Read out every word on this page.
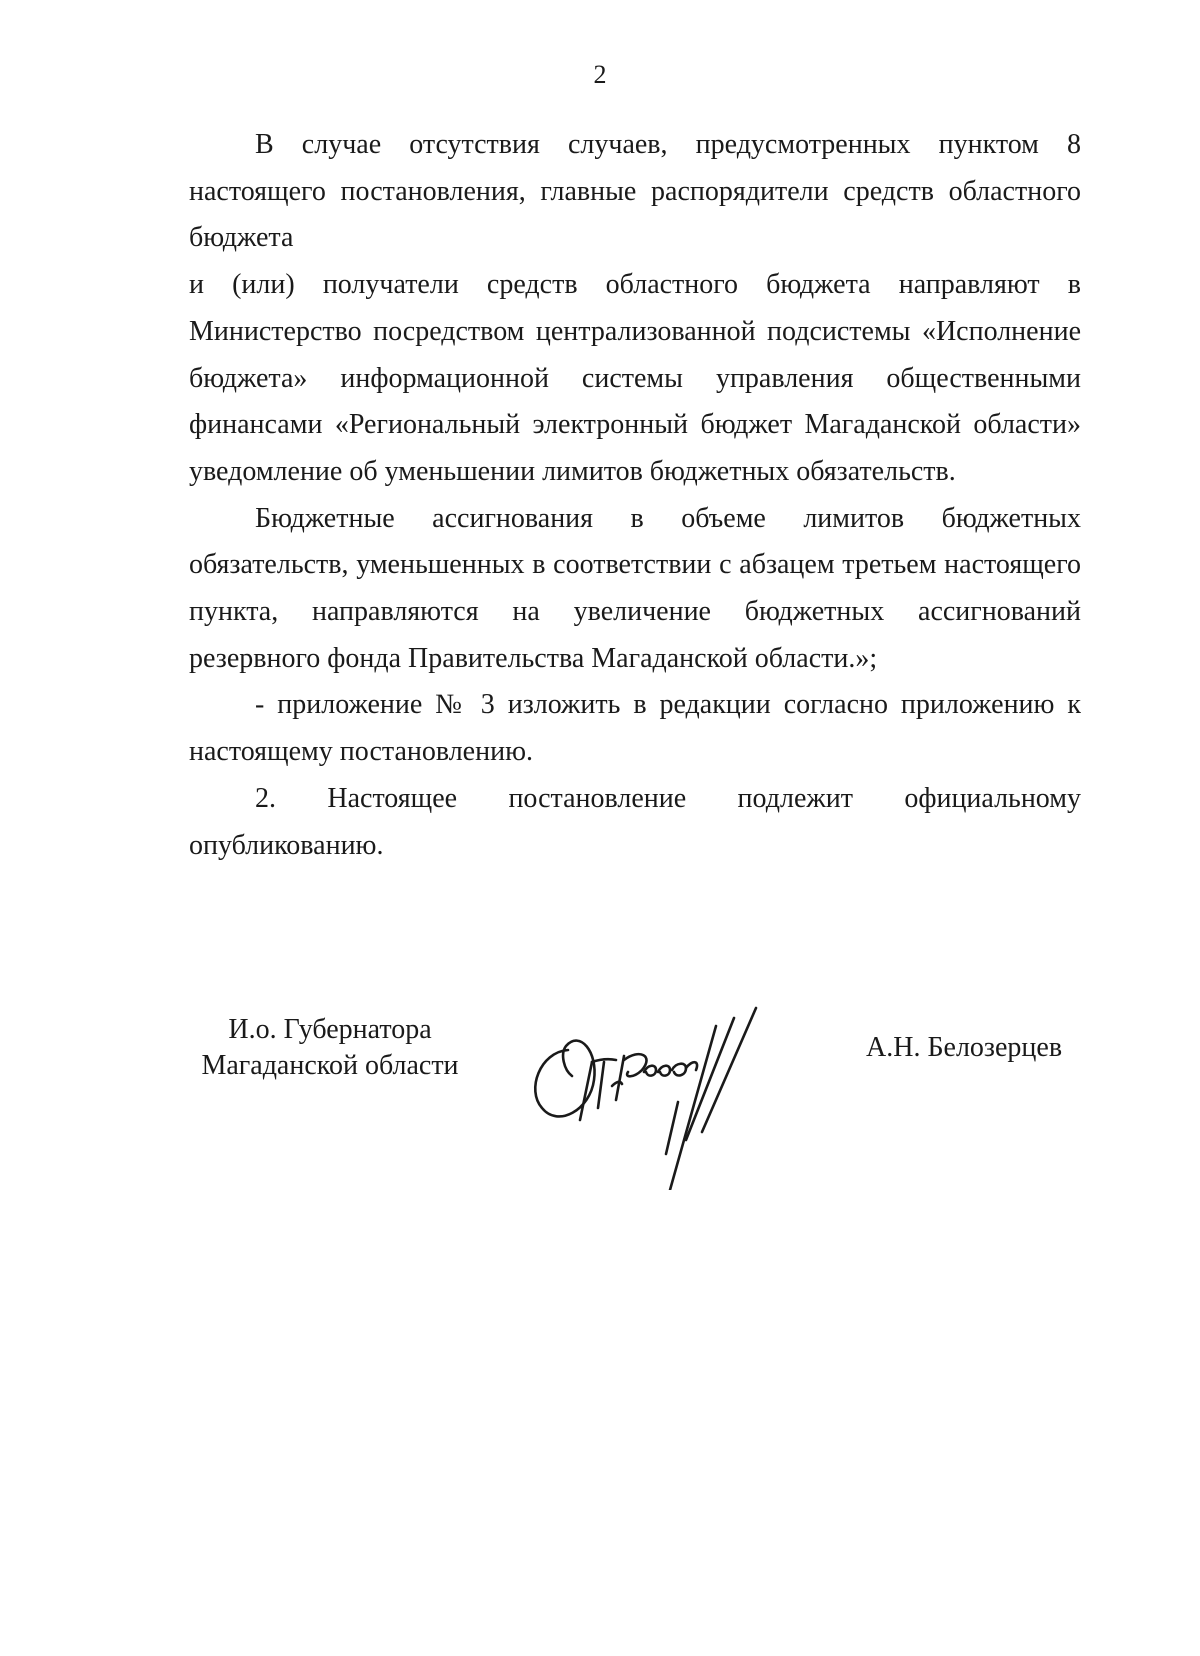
2

В случае отсутствия случаев, предусмотренных пунктом 8 настоящего постановления, главные распорядители средств областного бюджета

и (или) получатели средств областного бюджета направляют в Министерство посредством централизованной подсистемы «Исполнение бюджета» информационной системы управления общественными финансами «Региональный электронный бюджет Магаданской области» уведомление об уменьшении лимитов бюджетных обязательств.

Бюджетные ассигнования в объеме лимитов бюджетных обязательств, уменьшенных в соответствии с абзацем третьем настоящего пункта, направляются на увеличение бюджетных ассигнований резервного фонда Правительства Магаданской области.»;

- приложение № 3 изложить в редакции согласно приложению к настоящему постановлению.

2. Настоящее постановление подлежит официальному опубликованию.

И.о. Губернатора
Магаданской области
А.Н. Белозерцев
